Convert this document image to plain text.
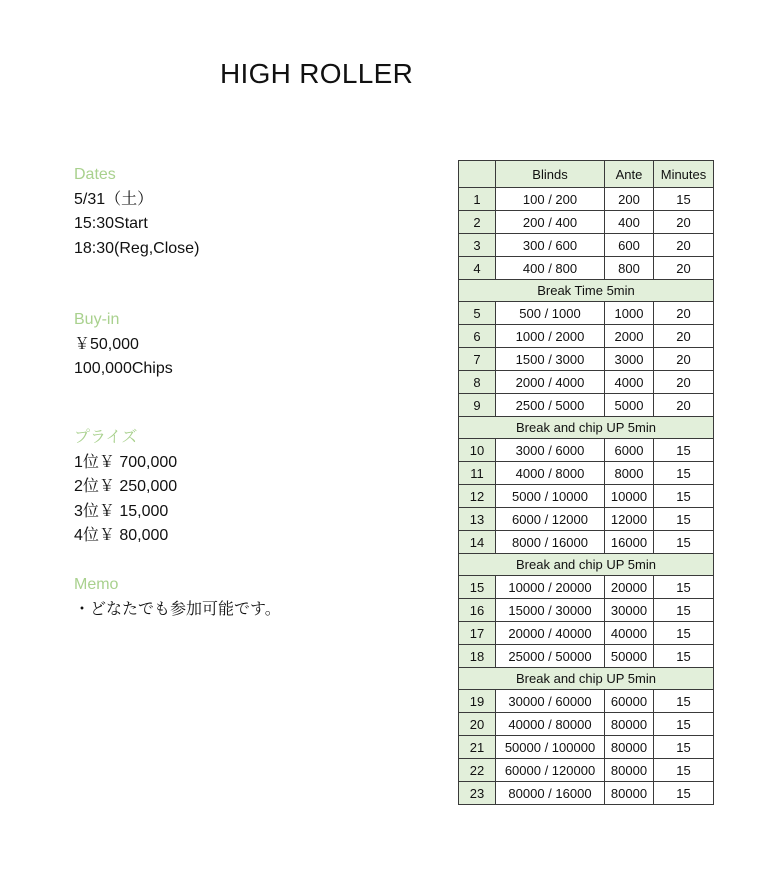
HIGH ROLLER
Dates
5/31（土）
15:30Start
18:30(Reg,Close)
Buy-in
￥50,000
100,000Chips
プライズ
1位￥ 700,000
2位￥ 250,000
3位￥ 15,000
4位￥ 80,000
Memo
・どなたでも参加可能です。
	Blinds	Ante	Minutes
1	100 / 200	200	15
2	200 / 400	400	20
3	300 / 600	600	20
4	400 / 800	800	20
Break Time 5min			
5	500 / 1000	1000	20
6	1000 / 2000	2000	20
7	1500 / 3000	3000	20
8	2000 / 4000	4000	20
9	2500 / 5000	5000	20
Break and chip UP 5min			
10	3000 / 6000	6000	15
11	4000 / 8000	8000	15
12	5000 / 10000	10000	15
13	6000 / 12000	12000	15
14	8000 / 16000	16000	15
Break and chip UP 5min			
15	10000 / 20000	20000	15
16	15000 / 30000	30000	15
17	20000 / 40000	40000	15
18	25000 / 50000	50000	15
Break and chip UP 5min			
19	30000 / 60000	60000	15
20	40000 / 80000	80000	15
21	50000 / 100000	80000	15
22	60000 / 120000	80000	15
23	80000 / 16000	80000	15
